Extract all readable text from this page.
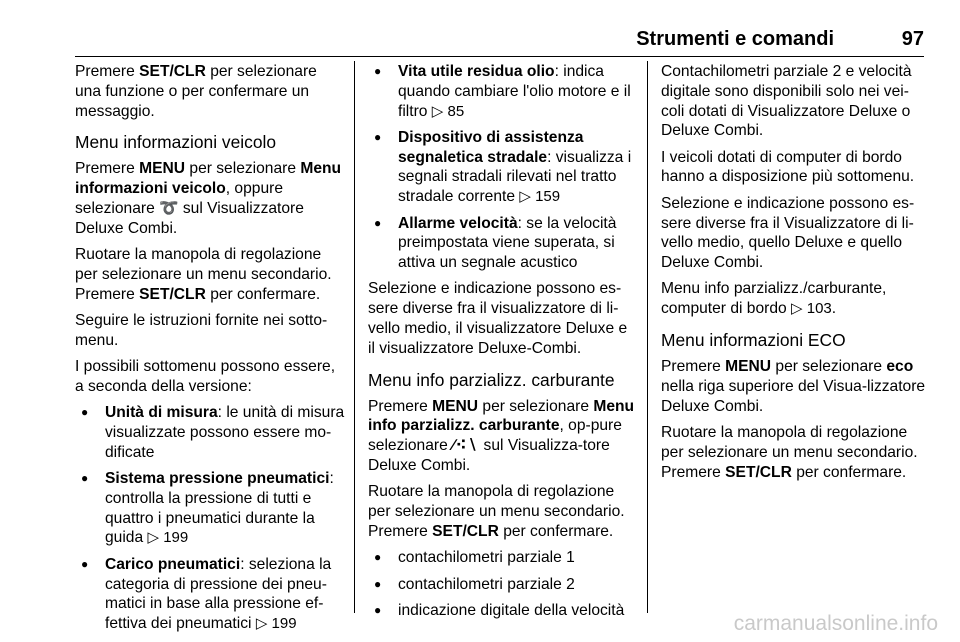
Strumenti e comandi	97

Premere SET/CLR per selezionare una funzione o per confermare un messaggio.

Menu informazioni veicolo

Premere MENU per selezionare Menu informazioni veicolo, oppure selezionare ➰ sul Visualizzatore Deluxe Combi.

Ruotare la manopola di regolazione per selezionare un menu secondario. Premere SET/CLR per confermare.

Seguire le istruzioni fornite nei sotto-menu.

I possibili sottomenu possono essere, a seconda della versione:

● Unità di misura: le unità di misura visualizzate possono essere mo-dificate
● Sistema pressione pneumatici: controlla la pressione di tutti e quattro i pneumatici durante la guida ▷ 199
● Carico pneumatici: seleziona la categoria di pressione dei pneu-matici in base alla pressione ef-fettiva dei pneumatici ▷ 199
● Vita utile residua olio: indica quando cambiare l'olio motore e il filtro ▷ 85
● Dispositivo di assistenza segnaletica stradale: visualizza i segnali stradali rilevati nel tratto stradale corrente ▷ 159
● Allarme velocità: se la velocità preimpostata viene superata, si attiva un segnale acustico

Selezione e indicazione possono es-sere diverse fra il visualizzatore di li-vello medio, il visualizzatore Deluxe e il visualizzatore Deluxe-Combi.

Menu info parzializz. carburante

Premere MENU per selezionare Menu info parzializz. carburante, op-pure selezionare ∕⁖∖ sul Visualizza-tore Deluxe Combi.

Ruotare la manopola di regolazione per selezionare un menu secondario. Premere SET/CLR per confermare.

● contachilometri parziale 1
● contachilometri parziale 2
● indicazione digitale della velocità

Contachilometri parziale 2 e velocità digitale sono disponibili solo nei vei-coli dotati di Visualizzatore Deluxe o Deluxe Combi.

I veicoli dotati di computer di bordo hanno a disposizione più sottomenu.

Selezione e indicazione possono es-sere diverse fra il Visualizzatore di li-vello medio, quello Deluxe e quello Deluxe Combi.

Menu info parzializz./carburante, computer di bordo ▷ 103.

Menu informazioni ECO

Premere MENU per selezionare eco nella riga superiore del Visua-lizzatore Deluxe Combi.

Ruotare la manopola di regolazione per selezionare un menu secondario. Premere SET/CLR per confermare.

carmanualsonline.info
